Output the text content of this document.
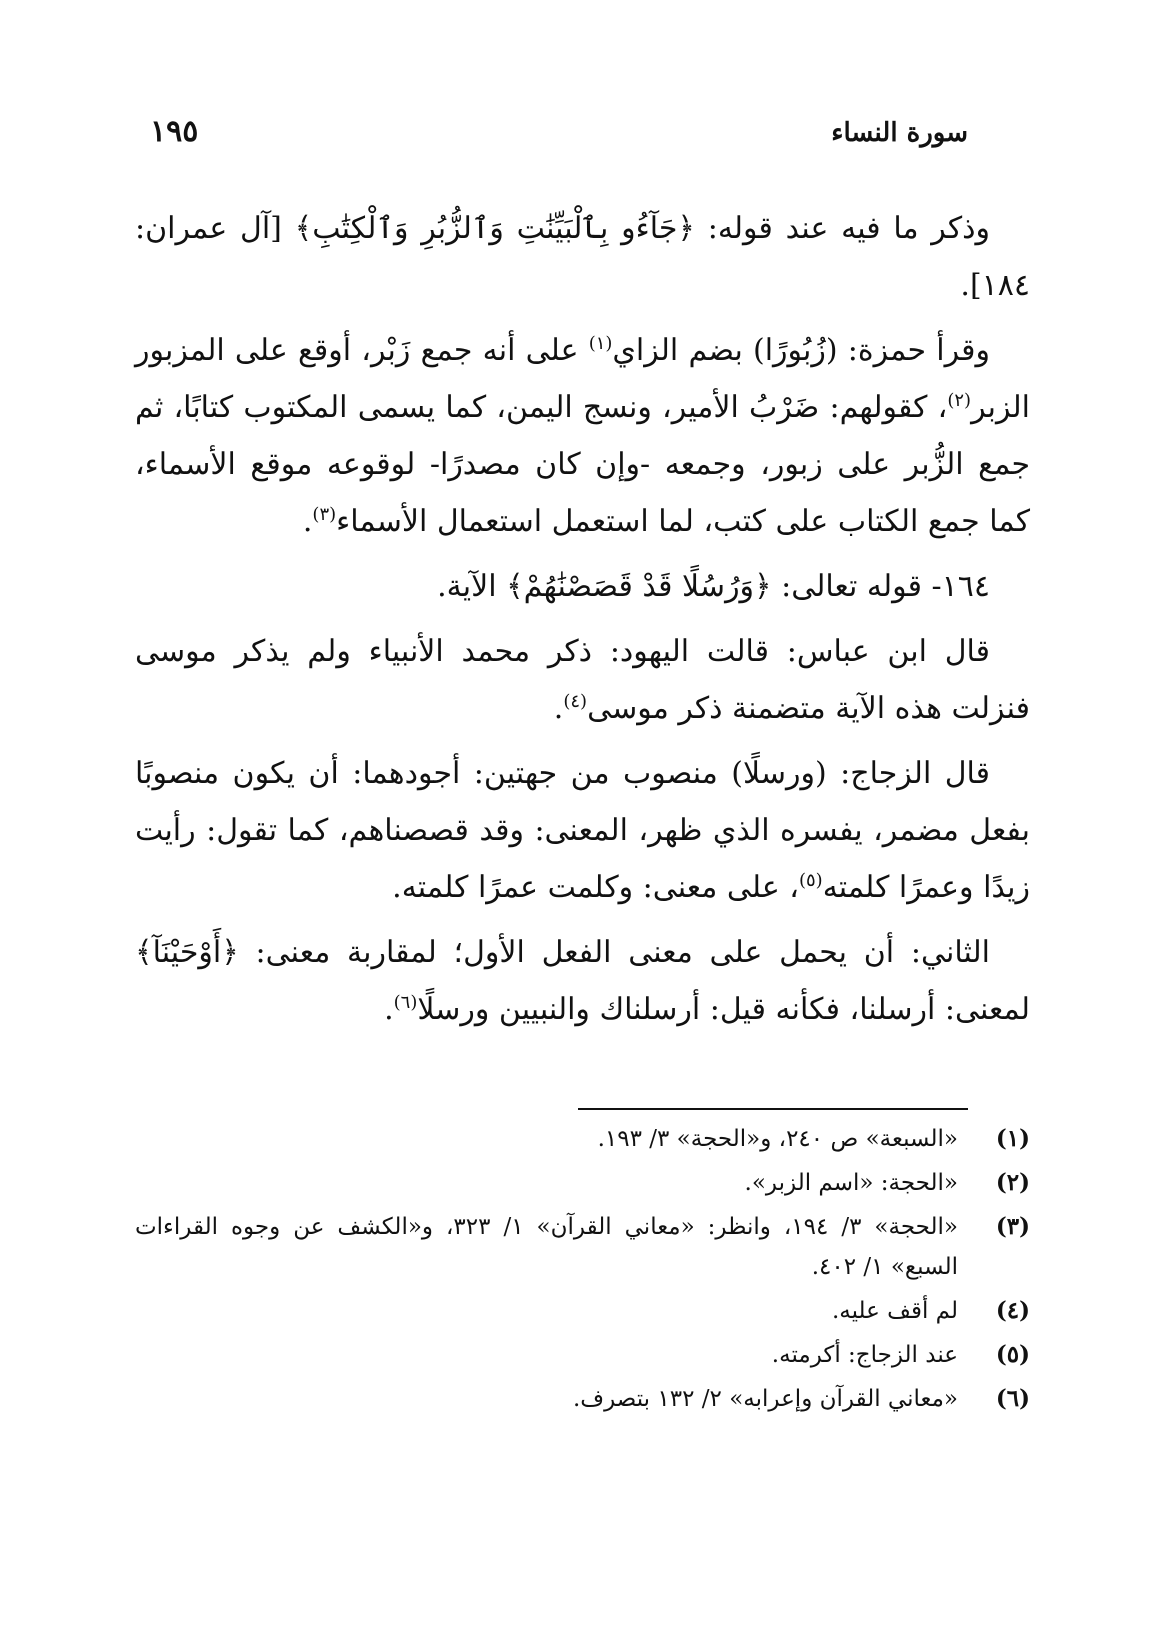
سورة النساء
١٩٥

وذكر ما فيه عند قوله: ﴿جَآءُو بِٱلْبَيِّنَٰتِ وَٱلزُّبُرِ وَٱلْكِتَٰبِ﴾ [آل عمران: ١٨٤].

وقرأ حمزة: (زُبُورًا) بضم الزاي$^{(١)}$ على أنه جمع زَبْر، أوقع على المزبور الزبر$^{(٢)}$، كقولهم: ضَرْبُ الأمير، ونسج اليمن، كما يسمى المكتوب كتابًا، ثم جمع الزُّبر على زبور، وجمعه -وإن كان مصدرًا- لوقوعه موقع الأسماء، كما جمع الكتاب على كتب، لما استعمل استعمال الأسماء$^{(٣)}$.

١٦٤- قوله تعالى: ﴿وَرُسُلًا قَدْ قَصَصْنَٰهُمْ﴾ الآية.

قال ابن عباس: قالت اليهود: ذكر محمد الأنبياء ولم يذكر موسى فنزلت هذه الآية متضمنة ذكر موسى$^{(٤)}$.

قال الزجاج: (ورسلًا) منصوب من جهتين: أجودهما: أن يكون منصوبًا بفعل مضمر، يفسره الذي ظهر، المعنى: وقد قصصناهم، كما تقول: رأيت زيدًا وعمرًا كلمته$^{(٥)}$، على معنى: وكلمت عمرًا كلمته.

الثاني: أن يحمل على معنى الفعل الأول؛ لمقاربة معنى: ﴿أَوْحَيْنَآ﴾ لمعنى: أرسلنا، فكأنه قيل: أرسلناك والنبيين ورسلًا$^{(٦)}$.

(١)
«السبعة» ص ٢٤٠، و«الحجة» ٣/ ١٩٣.
(٢)
«الحجة: «اسم الزبر».
(٣)
«الحجة» ٣/ ١٩٤، وانظر: «معاني القرآن» ١/ ٣٢٣، و«الكشف عن وجوه القراءات السبع» ١/ ٤٠٢.
(٤)
لم أقف عليه.
(٥)
عند الزجاج: أكرمته.
(٦)
«معاني القرآن وإعرابه» ٢/ ١٣٢ بتصرف.
